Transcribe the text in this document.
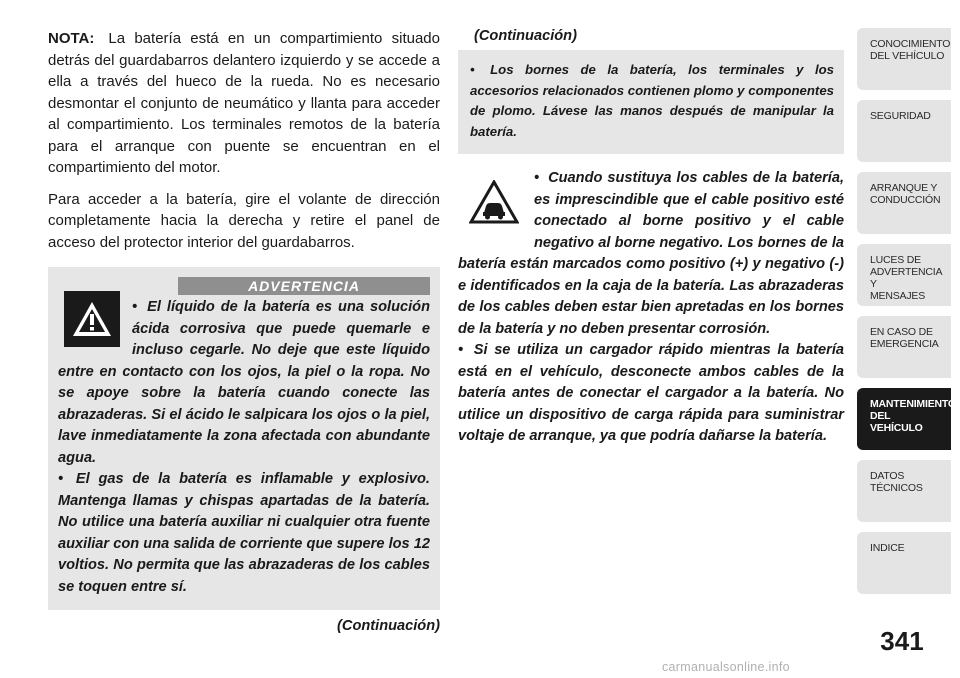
NOTA: La batería está en un compartimiento situado detrás del guardabarros delantero izquierdo y se accede a ella a través del hueco de la rueda. No es necesario desmontar el conjunto de neumático y llanta para acceder al compartimiento. Los terminales remotos de la batería para el arranque con puente se encuentran en el compartimiento del motor.

Para acceder a la batería, gire el volante de dirección completamente hacia la derecha y retire el panel de acceso del protector interior del guardabarros.

ADVERTENCIA
• El líquido de la batería es una solución ácida corrosiva que puede quemarle e incluso cegarle. No deje que este líquido entre en contacto con los ojos, la piel o la ropa. No se apoye sobre la batería cuando conecte las abrazaderas. Si el ácido le salpicara los ojos o la piel, lave inmediatamente la zona afectada con abundante agua.
• El gas de la batería es inflamable y explosivo. Mantenga llamas y chispas apartadas de la batería. No utilice una batería auxiliar ni cualquier otra fuente auxiliar con una salida de corriente que supere los 12 voltios. No permita que las abrazaderas de los cables se toquen entre sí.
(Continuación)
(Continuación)
• Los bornes de la batería, los terminales y los accesorios relacionados contienen plomo y componentes de plomo. Lávese las manos después de manipular la batería.
• Cuando sustituya los cables de la batería, es imprescindible que el cable positivo esté conectado al borne positivo y el cable negativo al borne negativo. Los bornes de la batería están marcados como positivo (+) y negativo (-) e identificados en la caja de la batería. Las abrazaderas de los cables deben estar bien apretadas en los bornes de la batería y no deben presentar corrosión.
• Si se utiliza un cargador rápido mientras la batería está en el vehículo, desconecte ambos cables de la batería antes de conectar el cargador a la batería. No utilice un dispositivo de carga rápida para suministrar voltaje de arranque, ya que podría dañarse la batería.
CONOCIMIENTO
DEL VEHÍCULO
SEGURIDAD
ARRANQUE Y
CONDUCCIÓN
LUCES DE
ADVERTENCIA Y
MENSAJES
EN CASO DE
EMERGENCIA
MANTENIMIENTO
DEL VEHÍCULO
DATOS
TÉCNICOS
INDICE
341
carmanualsonline.info
